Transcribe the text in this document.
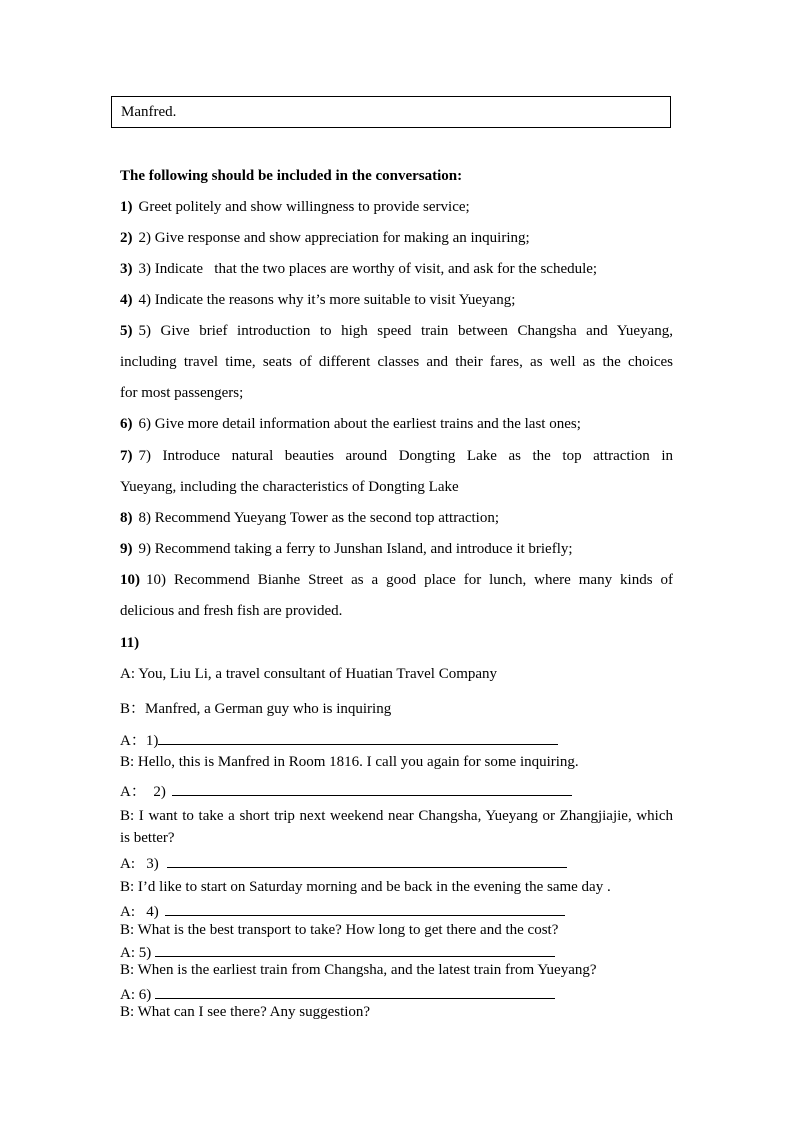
Manfred.
The following should be included in the conversation:
1) Greet politely and show willingness to provide service;
2) 2) Give response and show appreciation for making an inquiring;
3) 3) Indicate   that the two places are worthy of visit, and ask for the schedule;
4) 4) Indicate the reasons why it’s more suitable to visit Yueyang;
5) 5) Give brief introduction to high speed train between Changsha and Yueyang,
including travel time, seats of different classes and their fares, as well as the choices
for most passengers;
6) 6) Give more detail information about the earliest trains and the last ones;
7) 7) Introduce natural beauties around Dongting Lake as the top attraction in
Yueyang, including the characteristics of Dongting Lake
8) 8) Recommend Yueyang Tower as the second top attraction;
9) 9) Recommend taking a ferry to Junshan Island, and introduce it briefly;
10) 10) Recommend Bianhe Street as a good place for lunch, where many kinds of
delicious and fresh fish are provided.
11)
A: You, Liu Li, a travel consultant of Huatian Travel Company
B：Manfred, a German guy who is inquiring
A：1)
B: Hello, this is Manfred in Room 1816. I call you again for some inquiring.
A：  2)
B: I want to take a short trip next weekend near Changsha, Yueyang or Zhangjiajie, which is better?
A:   3)
B: I’d like to start on Saturday morning and be back in the evening the same day .
A:   4)
B: What is the best transport to take? How long to get there and the cost?
A: 5)
B: When is the earliest train from Changsha, and the latest train from Yueyang?
A: 6)
B: What can I see there? Any suggestion?
